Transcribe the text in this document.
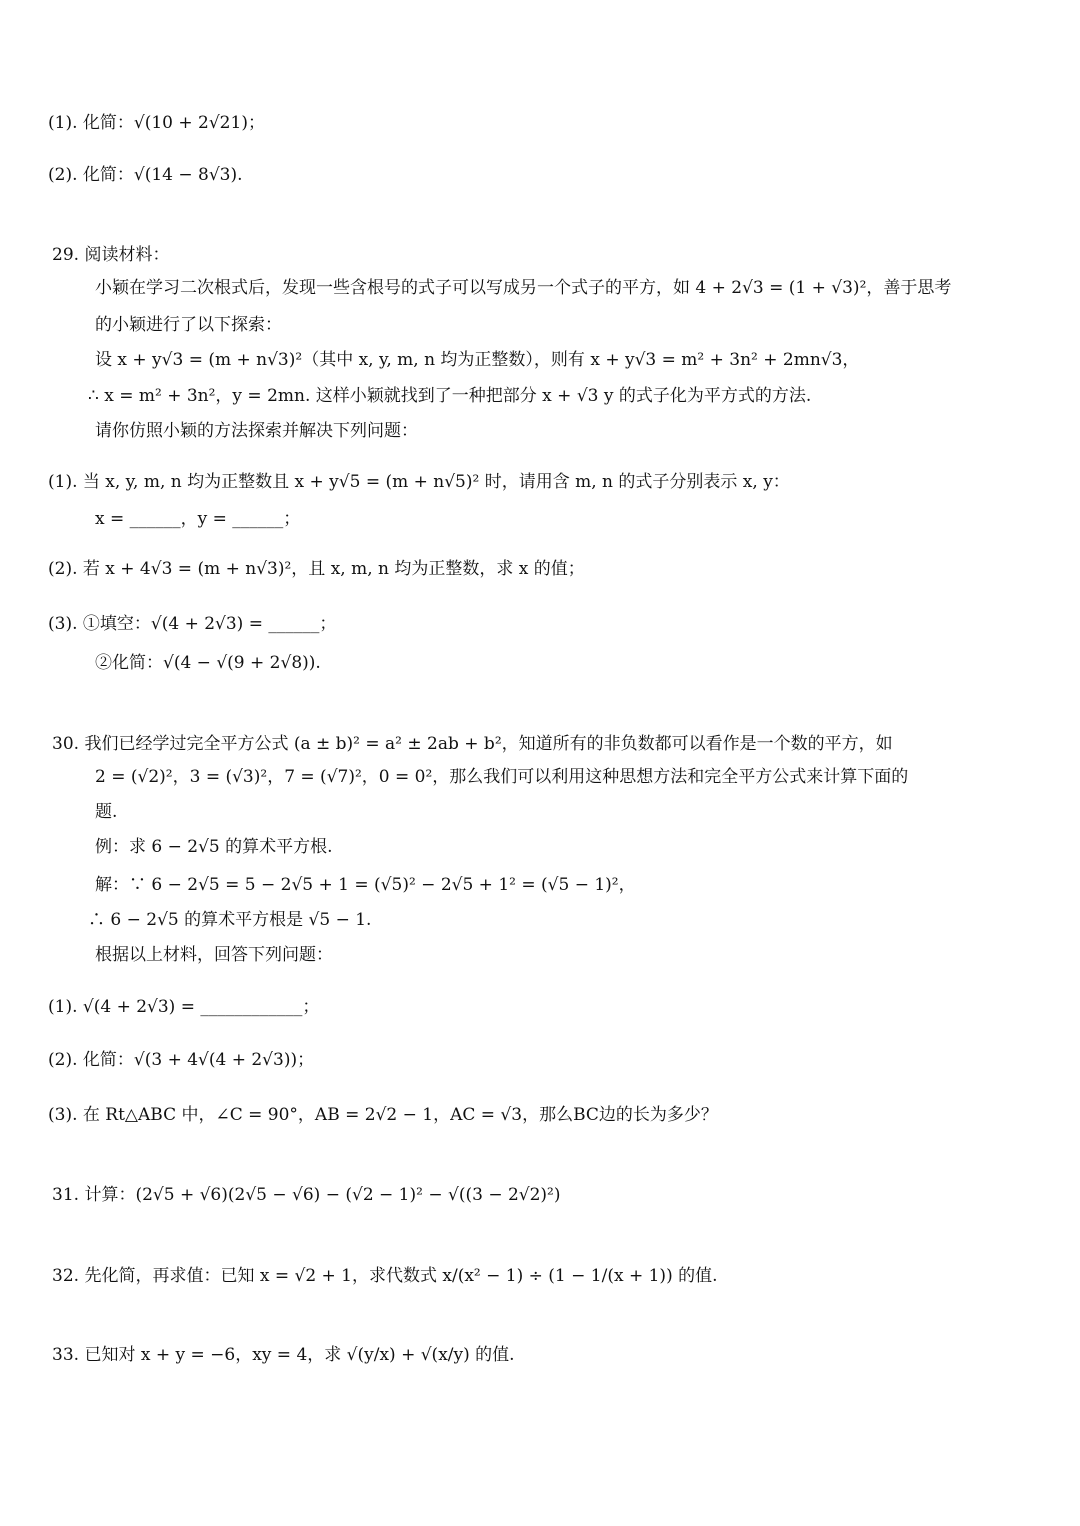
(1). 化简：√(10 + 2√21)；
(2). 化简：√(14 − 8√3).
29. 阅读材料：
小颖在学习二次根式后，发现一些含根号的式子可以写成另一个式子的平方，如 4 + 2√3 = (1 + √3)²，善于思考
的小颖进行了以下探索：
设 x + y√3 = (m + n√3)²（其中 x, y, m, n 均为正整数），则有 x + y√3 = m² + 3n² + 2mn√3，
∴ x = m² + 3n²，y = 2mn. 这样小颖就找到了一种把部分 x + √3 y 的式子化为平方式的方法.
请你仿照小颖的方法探索并解决下列问题：
(1). 当 x, y, m, n 均为正整数且 x + y√5 = (m + n√5)² 时，请用含 m, n 的式子分别表示 x, y：
x = ______，y = ______；
(2). 若 x + 4√3 = (m + n√3)²，且 x, m, n 均为正整数，求 x 的值；
(3). ①填空：√(4 + 2√3) = ______；
②化简：√(4 − √(9 + 2√8)).
30. 我们已经学过完全平方公式 (a ± b)² = a² ± 2ab + b²，知道所有的非负数都可以看作是一个数的平方，如
2 = (√2)²，3 = (√3)²，7 = (√7)²，0 = 0²，那么我们可以利用这种思想方法和完全平方公式来计算下面的
题.
例：求 6 − 2√5 的算术平方根.
解：∵ 6 − 2√5 = 5 − 2√5 + 1 = (√5)² − 2√5 + 1² = (√5 − 1)²，
∴ 6 − 2√5 的算术平方根是 √5 − 1.
根据以上材料，回答下列问题：
(1). √(4 + 2√3) = ____________；
(2). 化简：√(3 + 4√(4 + 2√3))；
(3). 在 Rt△ABC 中，∠C = 90°，AB = 2√2 − 1，AC = √3，那么BC边的长为多少？
31. 计算：(2√5 + √6)(2√5 − √6) − (√2 − 1)² − √((3 − 2√2)²)
32. 先化简，再求值：已知 x = √2 + 1，求代数式 x/(x² − 1) ÷ (1 − 1/(x + 1)) 的值.
33. 已知对 x + y = −6，xy = 4，求 √(y/x) + √(x/y) 的值.
